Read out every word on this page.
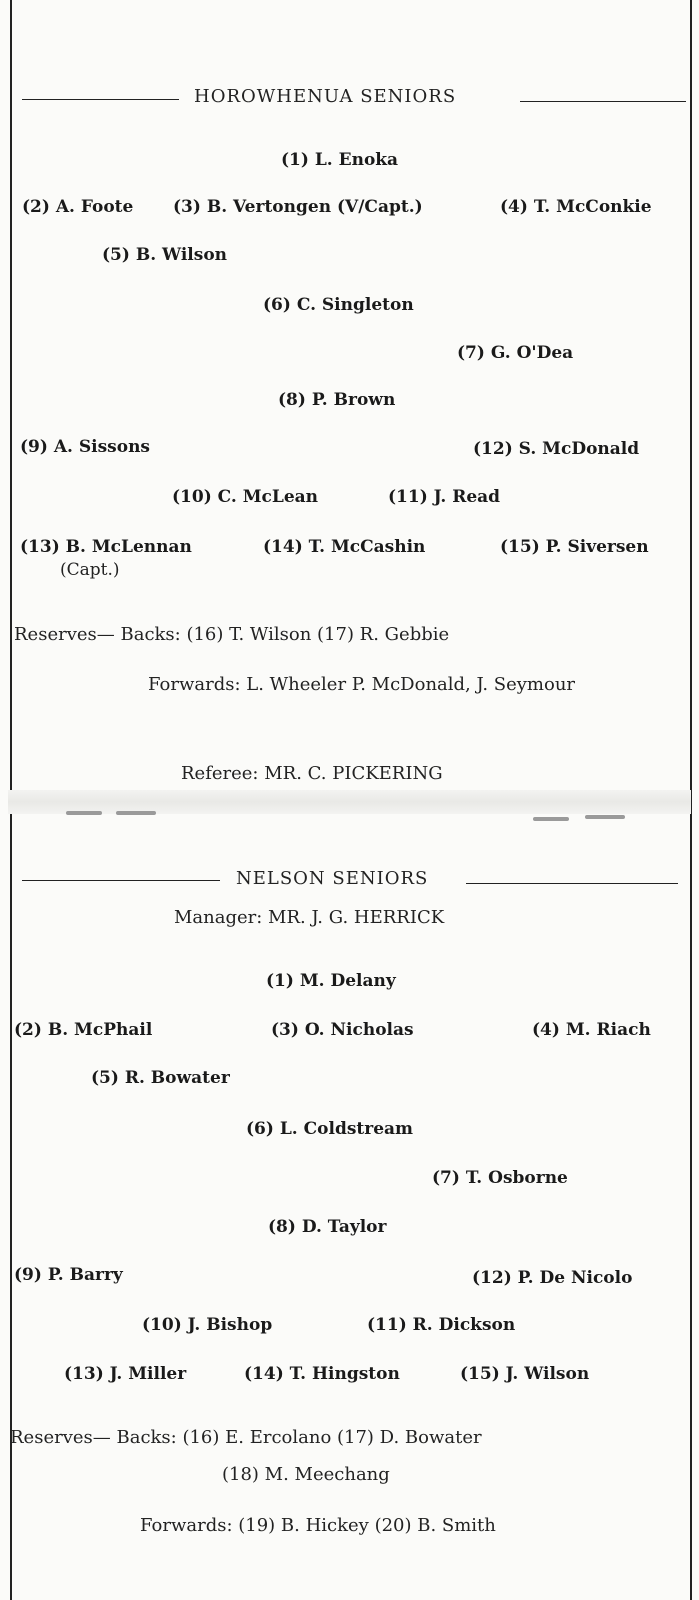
HOROWHENUA SENIORS
(1) L. Enoka
(2) A. Foote (3) B. Vertongen (V/Capt.)	(4) T. McConkie
(5) B. Wilson
(6) C. Singleton
(7) G. O'Dea
(8) P. Brown
(9) A. Sissons	(12) S. McDonald
(10) C. McLean	(11) J. Read
(13) B. McLennan
(Capt.)
(14) T. McCashin	(15) P. Siversen
Reserves— Backs: (16) T. Wilson (17) R. Gebbie
Forwards: L. Wheeler P. McDonald, J. Seymour
Referee: MR. C. PICKERING
NELSON SENIORS
Manager: MR. J. G. HERRICK
(1) M. Delany
(2) B. McPhail	(3) O. Nicholas	(4) M. Riach
(5) R. Bowater
(6) L. Coldstream
(7) T. Osborne
(8) D. Taylor
(9) P. Barry	(12) P. De Nicolo
(10) J. Bishop	(11) R. Dickson
(13) J. Miller	(14) T. Hingston	(15) J. Wilson
Reserves— Backs: (16) E. Ercolano (17) D. Bowater
(18) M. Meechang
Forwards: (19) B. Hickey (20) B. Smith
